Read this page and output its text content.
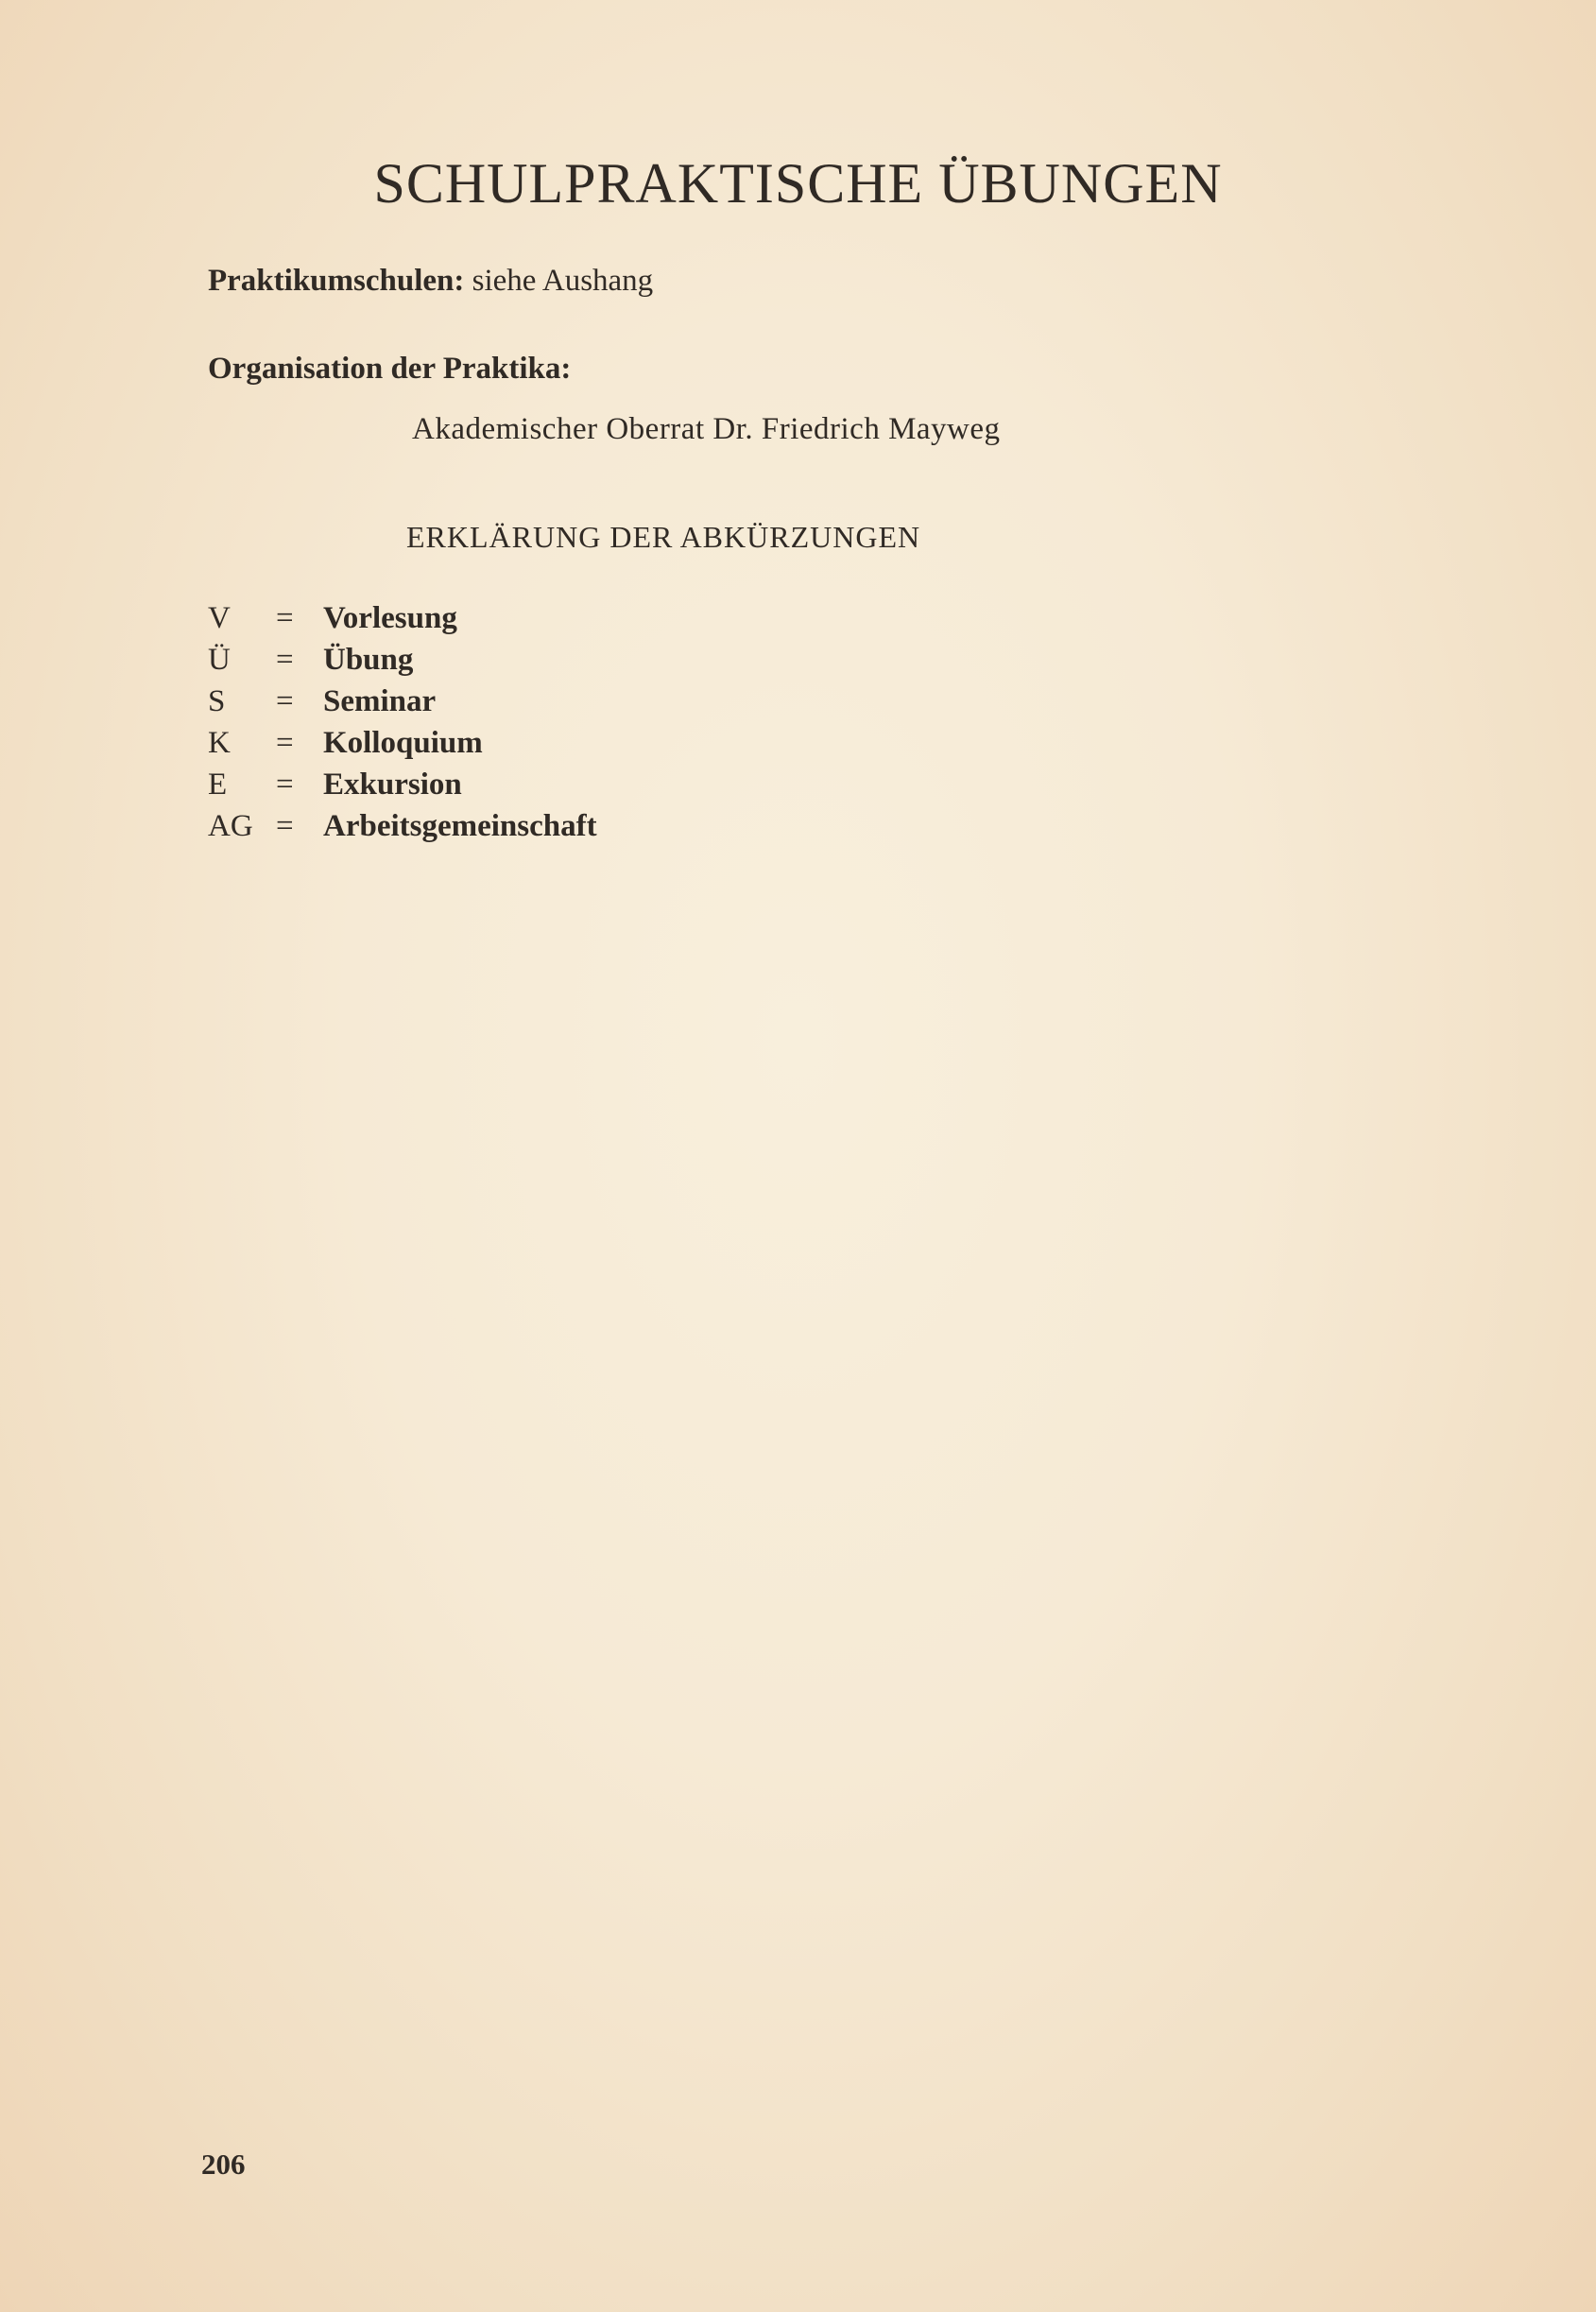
SCHULPRAKTISCHE ÜBUNGEN
Praktikumschulen: siehe Aushang
Organisation der Praktika:
Akademischer Oberrat Dr. Friedrich Mayweg
ERKLÄRUNG DER ABKÜRZUNGEN
V	= Vorlesung
Ü	= Übung
S	= Seminar
K	= Kolloquium
E	= Exkursion
AG = Arbeitsgemeinschaft
206
